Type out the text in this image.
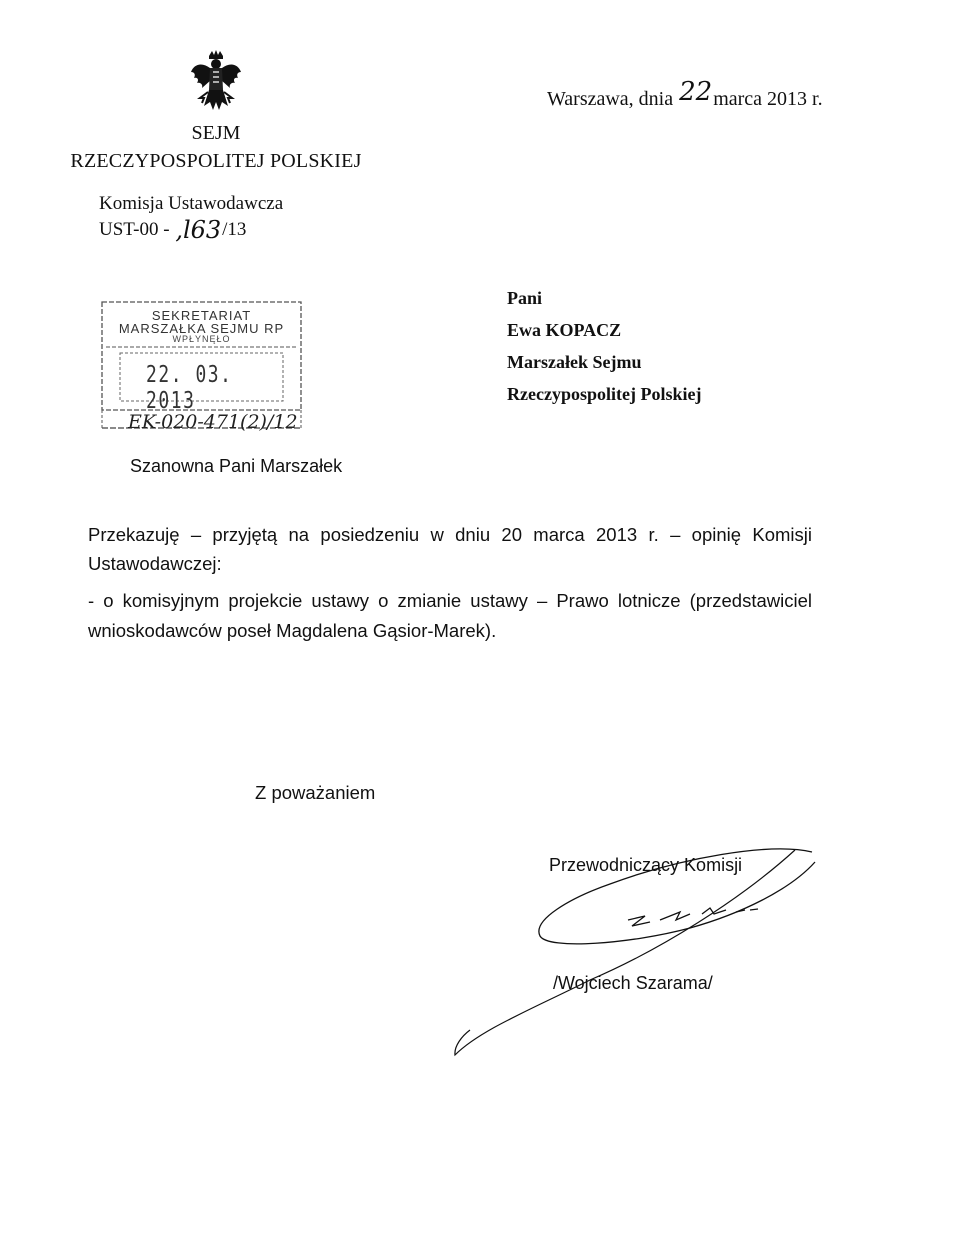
SEJM
RZECZYPOSPOLITEJ POLSKIEJ
Komisja Ustawodawcza
UST-00 - ,l63/13
Warszawa, dnia 22marca 2013 r.
SEKRETARIAT
MARSZAŁKA SEJMU RP
WPŁYNĘŁO
22. 03. 2013
EK-020-471(2)/12
Pani
Ewa KOPACZ
Marszałek Sejmu
Rzeczypospolitej Polskiej
Szanowna Pani Marszałek
Przekazuję – przyjętą na posiedzeniu w dniu 20 marca 2013 r. – opinię Komisji
Ustawodawczej:
- o komisyjnym projekcie ustawy o zmianie ustawy – Prawo lotnicze (przedstawiciel
wnioskodawców poseł Magdalena Gąsior-Marek).
Z poważaniem
Przewodniczący Komisji
/Wojciech Szarama/
